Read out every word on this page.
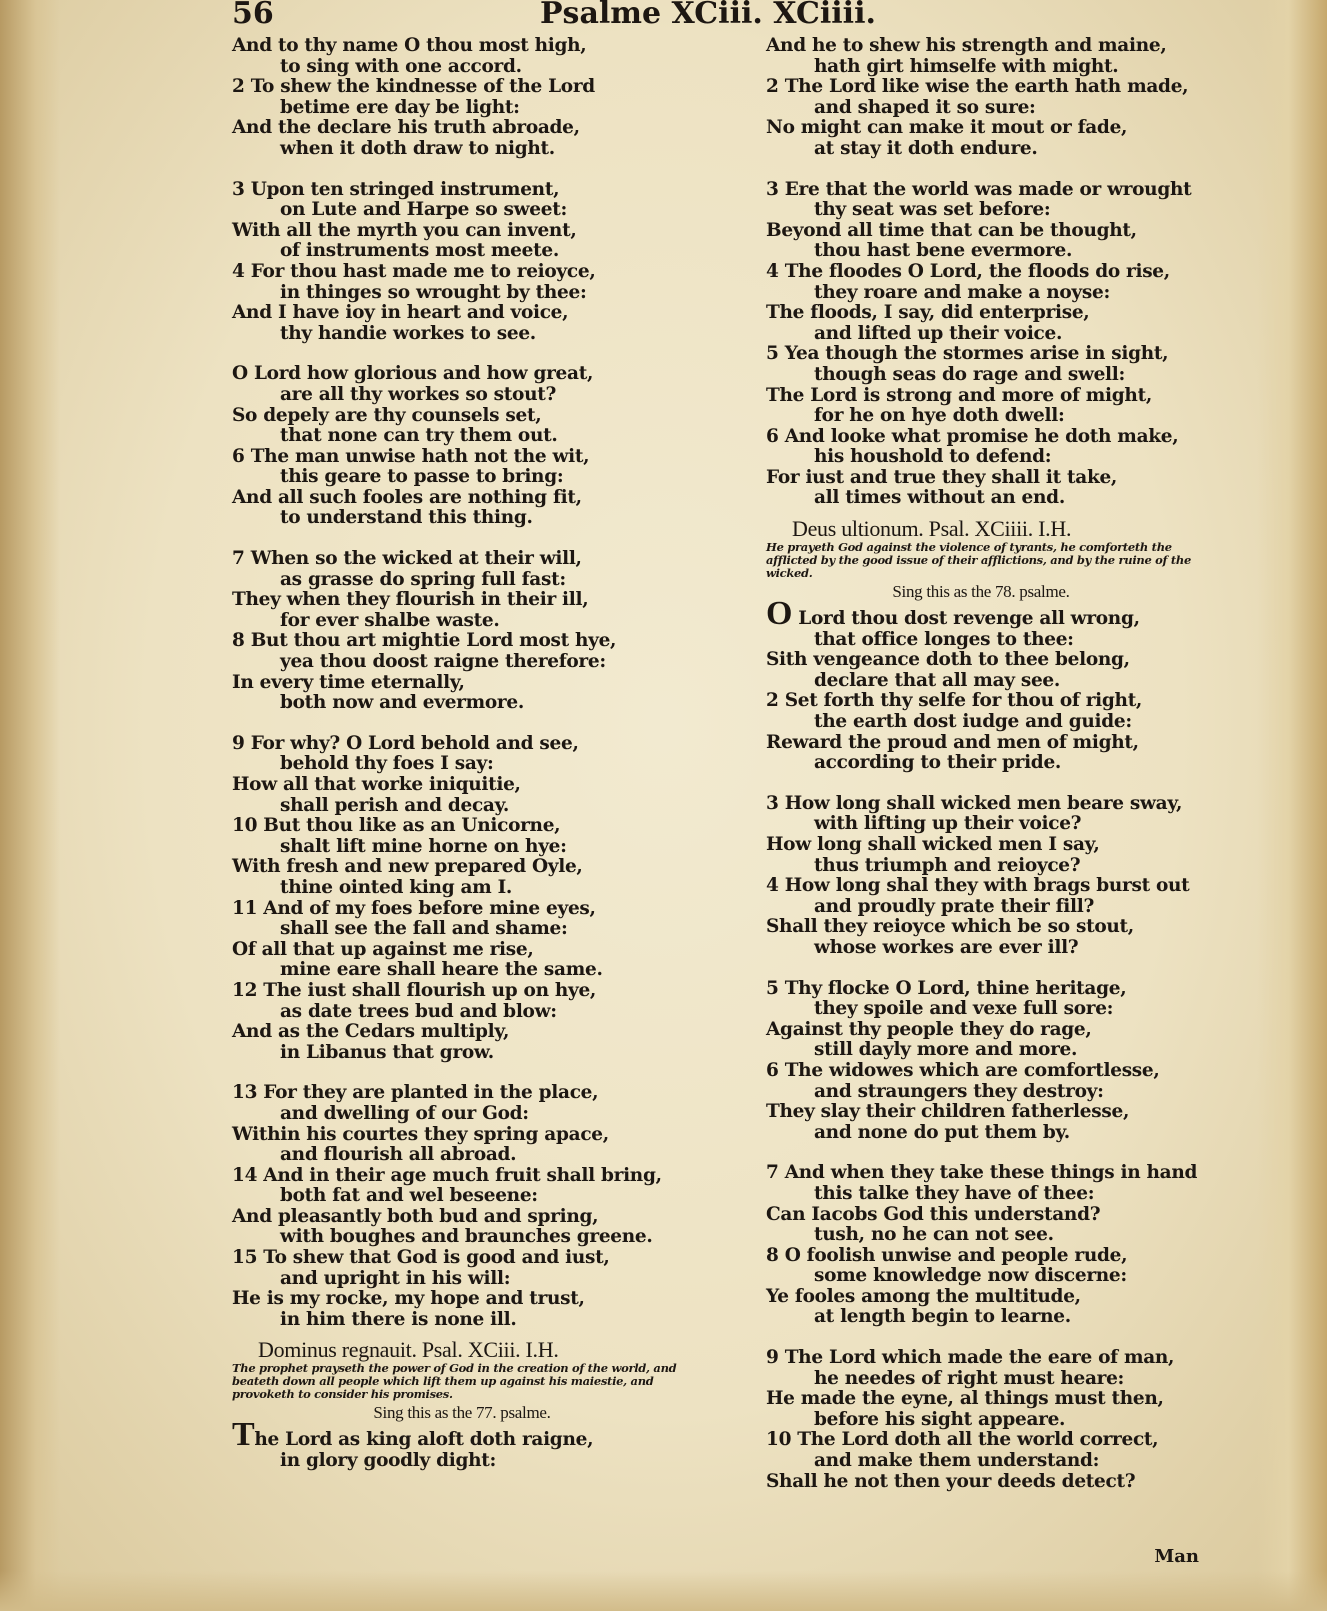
56	Psalme XCiii. XCiiii.
And to thy name O thou most high,
to sing with one accord.
2 To shew the kindnesse of the Lord
betime ere day be light:
And the declare his truth abroade,
when it doth draw to night.
3 Upon ten stringed instrument,
on Lute and Harpe so sweet:
With all the myrth you can invent,
of instruments most meete.
4 For thou hast made me to reioyce,
in thinges so wrought by thee:
And I have ioy in heart and voice,
thy handie workes to see.
O Lord how glorious and how great,
are all thy workes so stout?
So depely are thy counsels set,
that none can try them out.
6 The man unwise hath not the wit,
this geare to passe to bring:
And all such fooles are nothing fit,
to understand this thing.
7 When so the wicked at their will,
as grasse do spring full fast:
They when they flourish in their ill,
for ever shalbe waste.
8 But thou art mightie Lord most hye,
yea thou doost raigne therefore:
In every time eternally,
both now and evermore.
9 For why? O Lord behold and see,
behold thy foes I say:
How all that worke iniquitie,
shall perish and decay.
10 But thou like as an Unicorne,
shalt lift mine horne on hye:
With fresh and new prepared Oyle,
thine ointed king am I.
11 And of my foes before mine eyes,
shall see the fall and shame:
Of all that up against me rise,
mine eare shall heare the same.
12 The iust shall flourish up on hye,
as date trees bud and blow:
And as the Cedars multiply,
in Libanus that grow.
13 For they are planted in the place,
and dwelling of our God:
Within his courtes they spring apace,
and flourish all abroad.
14 And in their age much fruit shall bring,
both fat and wel beseene:
And pleasantly both bud and spring,
with boughes and braunches greene.
15 To shew that God is good and iust,
and upright in his will:
He is my rocke, my hope and trust,
in him there is none ill.
Dominus regnauit. Psal. XCiii. I.H.
The prophet prayseth the power of God in the creation of the world, and beateth down all people which lift them up against his maiestie, and provoketh to consider his promises.
Sing this as the 77. psalme.
The Lord as king aloft doth raigne,
in glory goodly dight:
And he to shew his strength and maine,
hath girt himselfe with might.
2 The Lord like wise the earth hath made,
and shaped it so sure:
No might can make it mout or fade,
at stay it doth endure.
3 Ere that the world was made or wrought
thy seat was set before:
Beyond all time that can be thought,
thou hast bene evermore.
4 The floodes O Lord, the floods do rise,
they roare and make a noyse:
The floods, I say, did enterprise,
and lifted up their voice.
5 Yea though the stormes arise in sight,
though seas do rage and swell:
The Lord is strong and more of might,
for he on hye doth dwell:
6 And looke what promise he doth make,
his houshold to defend:
For iust and true they shall it take,
all times without an end.
Deus ultionum. Psal. XCiiii. I.H.
He prayeth God against the violence of tyrants, he comforteth the afflicted by the good issue of their afflictions, and by the ruine of the wicked.
Sing this as the 78. psalme.
O Lord thou dost revenge all wrong,
that office longes to thee:
Sith vengeance doth to thee belong,
declare that all may see.
2 Set forth thy selfe for thou of right,
the earth dost iudge and guide:
Reward the proud and men of might,
according to their pride.
3 How long shall wicked men beare sway,
with lifting up their voice?
How long shall wicked men I say,
thus triumph and reioyce?
4 How long shal they with brags burst out
and proudly prate their fill?
Shall they reioyce which be so stout,
whose workes are ever ill?
5 Thy flocke O Lord, thine heritage,
they spoile and vexe full sore:
Against thy people they do rage,
still dayly more and more.
6 The widowes which are comfortlesse,
and straungers they destroy:
They slay their children fatherlesse,
and none do put them by.
7 And when they take these things in hand
this talke they have of thee:
Can Iacobs God this understand?
tush, no he can not see.
8 O foolish unwise and people rude,
some knowledge now discerne:
Ye fooles among the multitude,
at length begin to learne.
9 The Lord which made the eare of man,
he needes of right must heare:
He made the eyne, al things must then,
before his sight appeare.
10 The Lord doth all the world correct,
and make them understand:
Shall he not then your deeds detect?
Man
